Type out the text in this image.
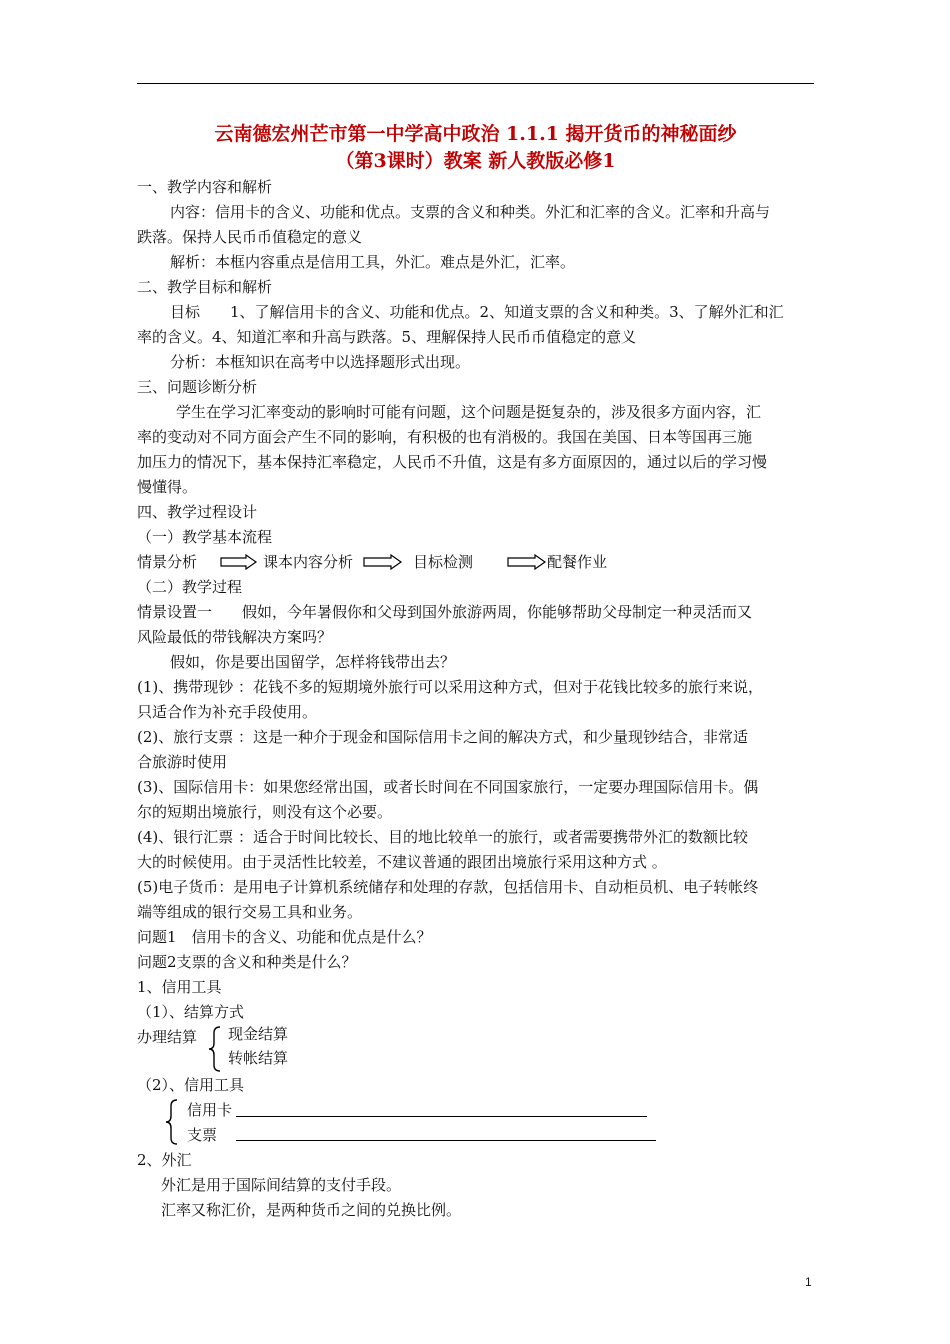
云南德宏州芒市第一中学高中政治 1.1.1 揭开货币的神秘面纱
（第3课时）教案 新人教版必修1
一、教学内容和解析
内容：信用卡的含义、功能和优点。支票的含义和种类。外汇和汇率的含义。汇率和升高与
跌落。保持人民币币值稳定的意义
解析：本框内容重点是信用工具，外汇。难点是外汇，汇率。
二、教学目标和解析
目标　　1、了解信用卡的含义、功能和优点。2、知道支票的含义和种类。3、了解外汇和汇
率的含义。4、知道汇率和升高与跌落。5、理解保持人民币币值稳定的意义
分析：本框知识在高考中以选择题形式出现。
三、问题诊断分析
学生在学习汇率变动的影响时可能有问题，这个问题是挺复杂的，涉及很多方面内容，汇
率的变动对不同方面会产生不同的影响，有积极的也有消极的。我国在美国、日本等国再三施
加压力的情况下，基本保持汇率稳定，人民币不升值，这是有多方面原因的，通过以后的学习慢
慢懂得。
四、教学过程设计
（一）教学基本流程
情景分析	课本内容分析	目标检测	配餐作业
（二）教学过程
情景设置一　　假如，今年暑假你和父母到国外旅游两周，你能够帮助父母制定一种灵活而又
风险最低的带钱解决方案吗？
假如，你是要出国留学，怎样将钱带出去？
(1)、携带现钞 ：花钱不多的短期境外旅行可以采用这种方式，但对于花钱比较多的旅行来说，
只适合作为补充手段使用。
(2)、旅行支票 ：这是一种介于现金和国际信用卡之间的解决方式，和少量现钞结合，非常适
合旅游时使用
(3)、国际信用卡：如果您经常出国，或者长时间在不同国家旅行，一定要办理国际信用卡。偶
尔的短期出境旅行，则没有这个必要。
(4)、银行汇票 ：适合于时间比较长、目的地比较单一的旅行，或者需要携带外汇的数额比较
大的时候使用。由于灵活性比较差，不建议普通的跟团出境旅行采用这种方式 。
(5)电子货币：是用电子计算机系统储存和处理的存款，包括信用卡、自动柜员机、电子转帐终
端等组成的银行交易工具和业务。
问题1　信用卡的含义、功能和优点是什么？
问题2支票的含义和种类是什么？
1、信用工具
（1）、结算方式
办理结算 现金结算
转帐结算
（2）、信用工具
信用卡
支票
2、外汇
外汇是用于国际间结算的支付手段。
汇率又称汇价，是两种货币之间的兑换比例。
1
